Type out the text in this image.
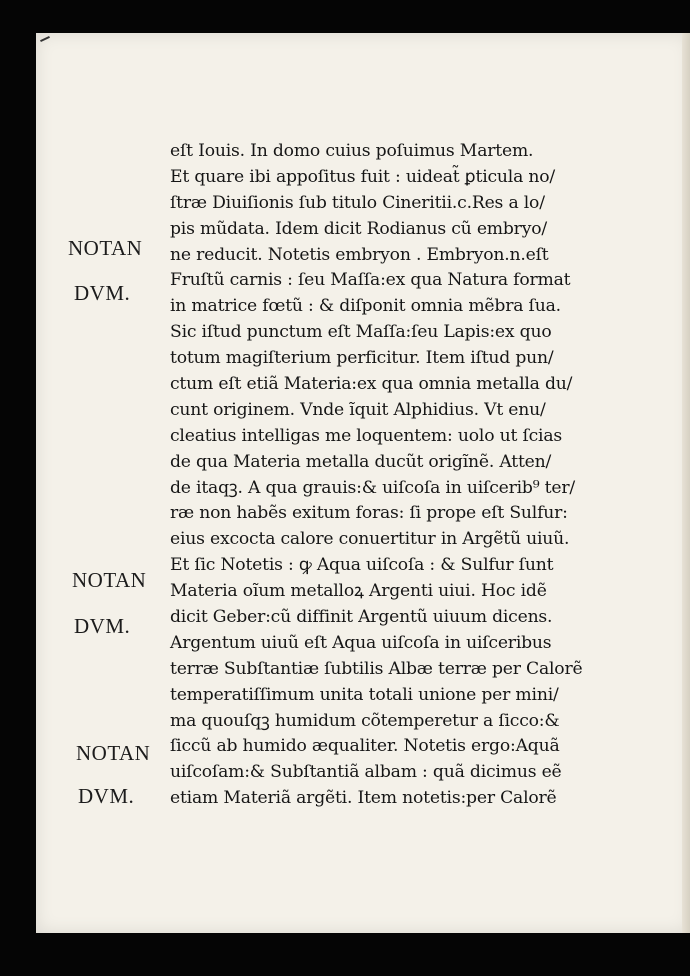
NOTAN
DVM.
NOTAN
DVM.
NOTAN
DVM.
eſt Iouis. In domo cuius poſuimus Martem.
Et quare ibi appoſitus fuit : uideat̃ ꝑticula no/
ſtræ Diuiſionis ſub titulo Cineritii.c.Res a lo/
pis mũdata. Idem dicit Rodianus cũ embryo/
ne reducit. Notetis embryon . Embryon.n.eſt
Fruſtũ carnis : ſeu Maſſa:ex qua Natura format
in matrice fœtũ : & diſponit omnia mẽbra ſua.
Sic iſtud punctum eſt Maſſa:ſeu Lapis:ex quo
totum magiſterium perficitur. Item iſtud pun/
ctum eſt etiã Materia:ex qua omnia metalla du/
cunt originem. Vnde ĩquit Alphidius. Vt enu/
cleatius intelligas me loquentem: uolo ut ſcias
de qua Materia metalla ducũt origĩnẽ. Atten/
de itaqꝫ. A qua grauis:& uiſcoſa in uiſcerib⁹ ter/
ræ non habẽs exitum foras: ſi prope eſt Sulfur:
eius excocta calore conuertitur in Argẽtũ uiuũ.
Et ſic Notetis : ꝙ Aqua uiſcoſa : & Sulfur ſunt
Materia oĩum metalloꝝ Argenti uiui. Hoc idẽ
dicit Geber:cũ diffinit Argentũ uiuum dicens.
Argentum uiuũ eſt Aqua uiſcoſa in uiſceribus
terræ Subſtantiæ ſubtilis Albæ terræ per Calorẽ
temperatiſſimum unita totali unione per mini/
ma quouſqꝫ humidum cõtemperetur a ſicco:&
ſiccũ ab humido æqualiter. Notetis ergo:Aquã
uiſcoſam:& Subſtantiã albam : quã dicimus eẽ
etiam Materiã argẽti. Item notetis:per Calorẽ
